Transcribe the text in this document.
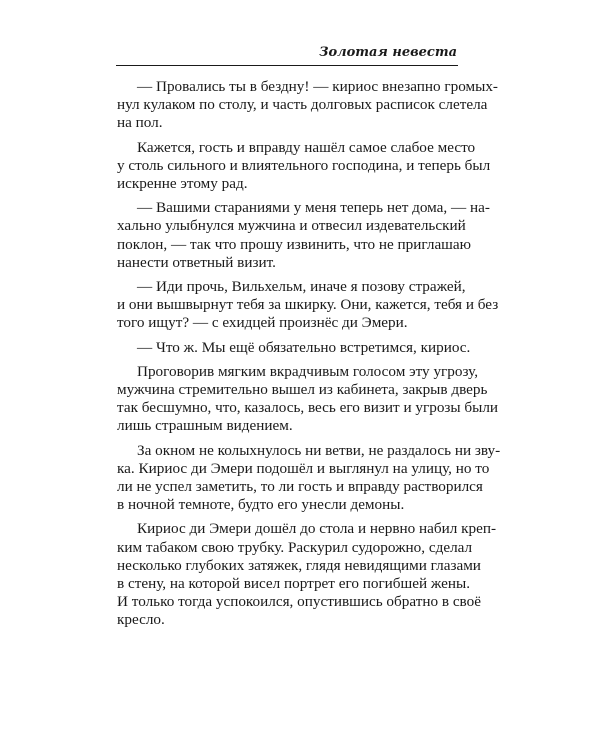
Золотая невеста

— Провались ты в бездну! — кириос внезапно громых-
нул кулаком по столу, и часть долговых расписок слетела
на пол.

Кажется, гость и вправду нашёл самое слабое место
у столь сильного и влиятельного господина, и теперь был
искренне этому рад.

— Вашими стараниями у меня теперь нет дома, — на-
хально улыбнулся мужчина и отвесил издевательский
поклон, — так что прошу извинить, что не приглашаю
нанести ответный визит.

— Иди прочь, Вильхельм, иначе я позову стражей,
и они вышвырнут тебя за шкирку. Они, кажется, тебя и без
того ищут? — с ехидцей произнёс ди Эмери.

— Что ж. Мы ещё обязательно встретимся, кириос.

Проговорив мягким вкрадчивым голосом эту угрозу,
мужчина стремительно вышел из кабинета, закрыв дверь
так бесшумно, что, казалось, весь его визит и угрозы были
лишь страшным видением.

За окном не колыхнулось ни ветви, не раздалось ни зву-
ка. Кириос ди Эмери подошёл и выглянул на улицу, но то
ли не успел заметить, то ли гость и вправду растворился
в ночной темноте, будто его унесли демоны.

Кириос ди Эмери дошёл до стола и нервно набил креп-
ким табаком свою трубку. Раскурил судорожно, сделал
несколько глубоких затяжек, глядя невидящими глазами
в стену, на которой висел портрет его погибшей жены.
И только тогда успокоился, опустившись обратно в своё
кресло.
